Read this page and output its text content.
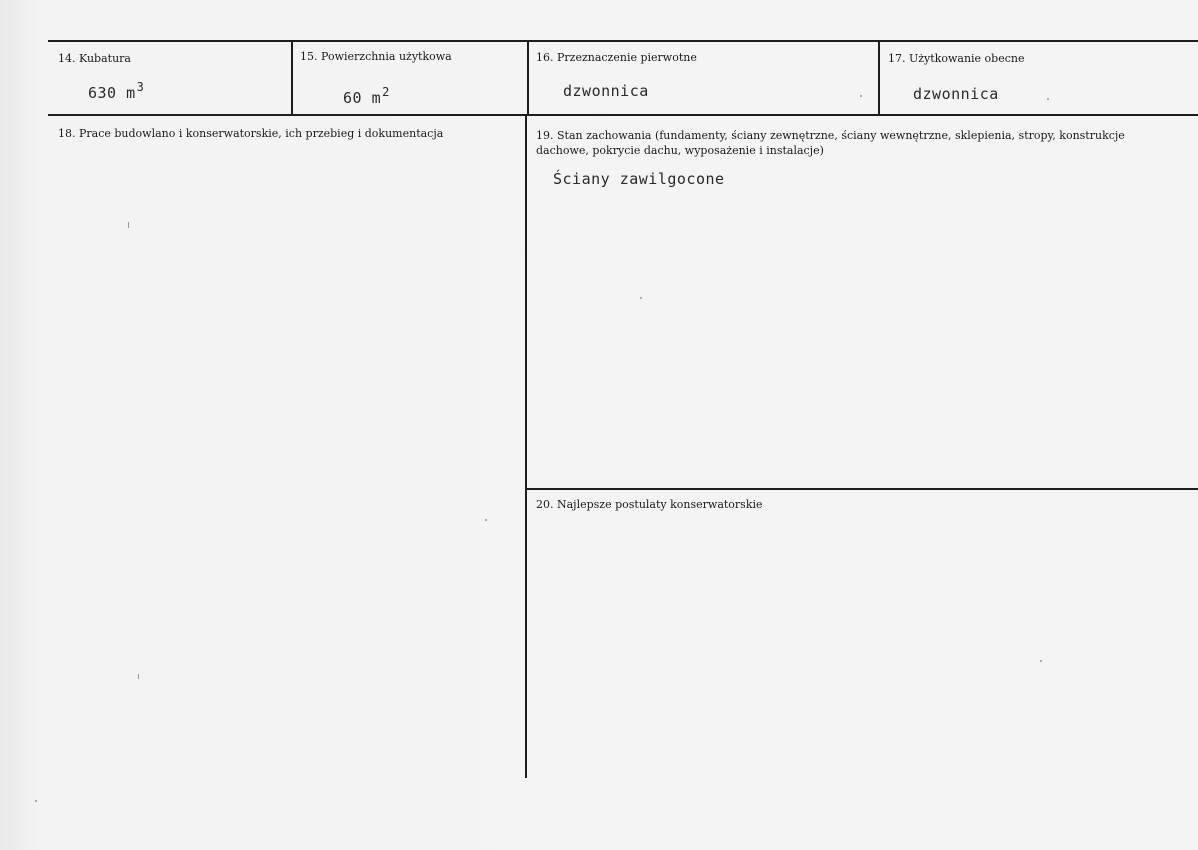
14. Kubatura
630 $m^3$
15. Powierzchnia użytkowa
60 $m^2$
16. Przeznaczenie pierwotne
dzwonnica
17. Użytkowanie obecne
dzwonnica
18. Prace budowlano i konserwatorskie, ich przebieg i dokumentacja	19. Stan zachowania (fundamenty, ściany zewnętrzne, ściany wewnętrzne, sklepienia, stropy, konstrukcje dachowe, pokrycie dachu, wyposażenie i instalacje)
Ściany zawilgocone
20. Najlepsze postulaty konserwatorskie
